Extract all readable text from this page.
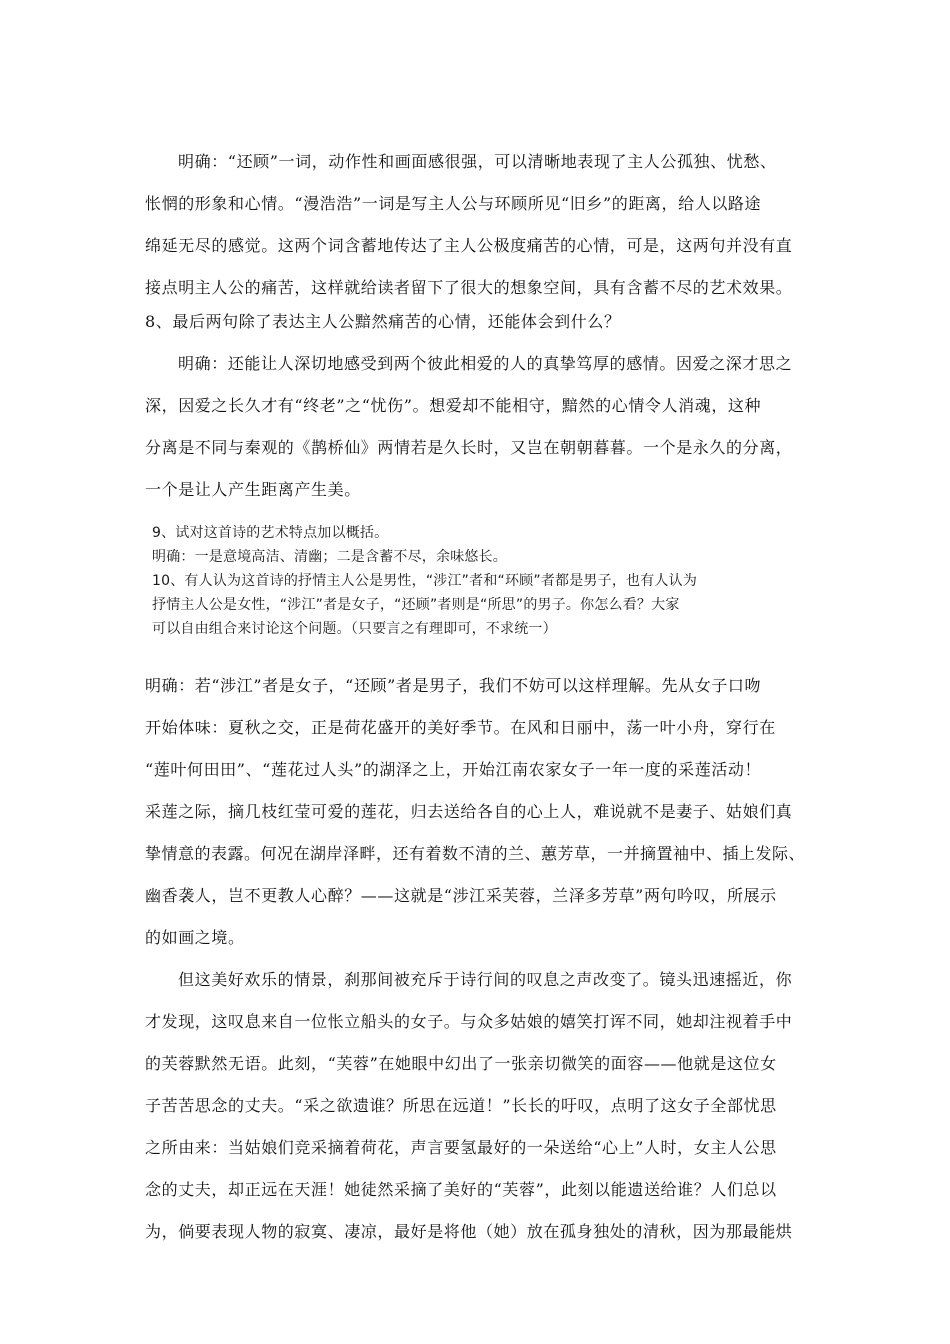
明确：“还顾”一词，动作性和画面感很强，可以清晰地表现了主人公孤独、忧愁、
怅惘的形象和心情。“漫浩浩”一词是写主人公与环顾所见“旧乡”的距离，给人以路途
绵延无尽的感觉。这两个词含蓄地传达了主人公极度痛苦的心情，可是，这两句并没有直
接点明主人公的痛苦，这样就给读者留下了很大的想象空间，具有含蓄不尽的艺术效果。
8、最后两句除了表达主人公黯然痛苦的心情，还能体会到什么？
明确：还能让人深切地感受到两个彼此相爱的人的真挚笃厚的感情。因爱之深才思之
深，因爱之长久才有“终老”之“忧伤”。想爱却不能相守，黯然的心情令人消魂，这种
分离是不同与秦观的《鹊桥仙》两情若是久长时，又岂在朝朝暮暮。一个是永久的分离，
一个是让人产生距离产生美。
9、试对这首诗的艺术特点加以概括。
明确：一是意境高洁、清幽；二是含蓄不尽，余味悠长。
10、有人认为这首诗的抒情主人公是男性，“涉江”者和“环顾”者都是男子，也有人认为
抒情主人公是女性，“涉江”者是女子，“还顾”者则是“所思”的男子。你怎么看？大家
可以自由组合来讨论这个问题。（只要言之有理即可，不求统一）
明确：若“涉江”者是女子，“还顾”者是男子，我们不妨可以这样理解。先从女子口吻
开始体味：夏秋之交，正是荷花盛开的美好季节。在风和日丽中，荡一叶小舟，穿行在
“莲叶何田田”、“莲花过人头”的湖泽之上，开始江南农家女子一年一度的采莲活动！
采莲之际，摘几枝红莹可爱的莲花，归去送给各自的心上人，难说就不是妻子、姑娘们真
挚情意的表露。何况在湖岸泽畔，还有着数不清的兰、蕙芳草，一并摘置袖中、插上发际、
幽香袭人，岂不更教人心醉？——这就是“涉江采芙蓉，兰泽多芳草”两句吟叹，所展示
的如画之境。
但这美好欢乐的情景，刹那间被充斥于诗行间的叹息之声改变了。镜头迅速摇近，你
才发现，这叹息来自一位怅立船头的女子。与众多姑娘的嬉笑打诨不同，她却注视着手中
的芙蓉默然无语。此刻，“芙蓉”在她眼中幻出了一张亲切微笑的面容——他就是这位女
子苦苦思念的丈夫。“采之欲遗谁？所思在远道！”长长的吁叹，点明了这女子全部忧思
之所由来：当姑娘们竞采摘着荷花，声言要氢最好的一朵送给“心上”人时，女主人公思
念的丈夫，却正远在天涯！她徒然采摘了美好的“芙蓉”，此刻以能遗送给谁？人们总以
为，倘要表现人物的寂寞、凄凉，最好是将他（她）放在孤身独处的清秋，因为那最能烘
